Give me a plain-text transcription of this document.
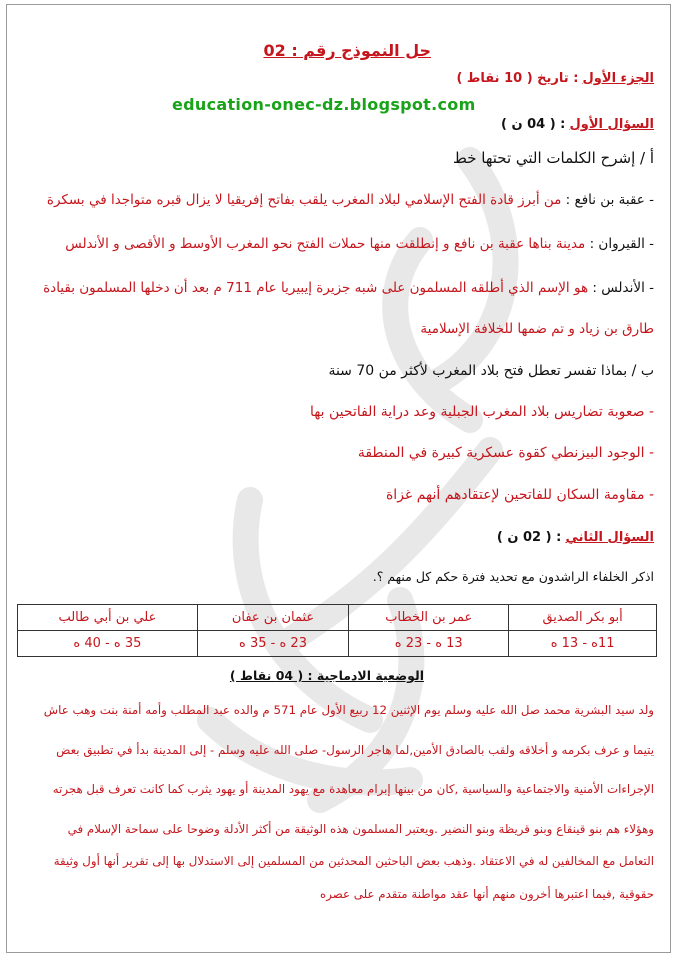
education-onec-dz.blogspot.com
حل النموذج رقم : 02
الجزء الأول : تاريخ ( 10 نقاط )
السؤال الأول : ( 04 ن )
أ / إشرح الكلمات التي تحتها خط
- عقبة بن نافع : من أبرز قادة الفتح الإسلامي لبلاد المغرب يلقب بفاتح إفريقيا لا يزال قبره متواجدا في بسكرة
- القيروان : مدينة بناها عقبة بن نافع و إنطلقت منها حملات الفتح نحو المغرب الأوسط و الأقصى و الأندلس
- الأندلس : هو الإسم الذي أطلقه المسلمون على شبه جزيرة إيبيريا عام 711 م بعد أن دخلها المسلمون بقيادة
طارق بن زياد و تم ضمها للخلافة الإسلامية
ب / بماذا تفسر تعطل فتح بلاد المغرب لأكثر من 70 سنة
- صعوبة تضاريس بلاد المغرب الجبلية وعد دراية الفاتحين بها
- الوجود البيزنطي كقوة عسكرية كبيرة في المنطقة
- مقاومة السكان للفاتحين لإعتقادهم أنهم غزاة
السؤال الثاني : ( 02 ن )
اذكر الخلفاء الراشدون مع تحديد فترة حكم كل منهم ؟.
أبو بكر الصديق	عمر بن الخطاب	عثمان بن عفان	علي بن أبي طالب
11ه - 13 ه	13 ه - 23 ه	23 ه - 35 ه	35 ه - 40 ه
الوضعية الادماجية : ( 04 نقاط )
ولد سيد البشرية محمد صل الله عليه وسلم يوم الإثنين 12 ربيع الأول عام 571 م والده عبد المطلب وأمه أمنة بنت وهب عاش
يتيما و عرف بكرمه و أخلاقه ولقب بالصادق الأمين,لما هاجر الرسول- صلى الله عليه وسلم - إلى المدينة بدأ في تطبيق بعض
الإجراءات الأمنية والاجتماعية والسياسية ,كان من بينها إبرام معاهدة مع يهود المدينة أو يهود يثرب كما كانت تعرف قبل هجرته
وهؤلاء هم بنو قينقاع وبنو قريظة وبنو النضير .ويعتبر المسلمون هذه الوثيقة من أكثر الأدلة وضوحا على سماحة الإسلام في
التعامل مع المخالفين له في الاعتقاد .وذهب بعض الباحثين المحدثين من المسلمين إلى الاستدلال بها إلى تقرير أنها أول وثيقة
حقوقية ,فيما اعتبرها أخرون منهم أنها عقد مواطنة متقدم على عصره
